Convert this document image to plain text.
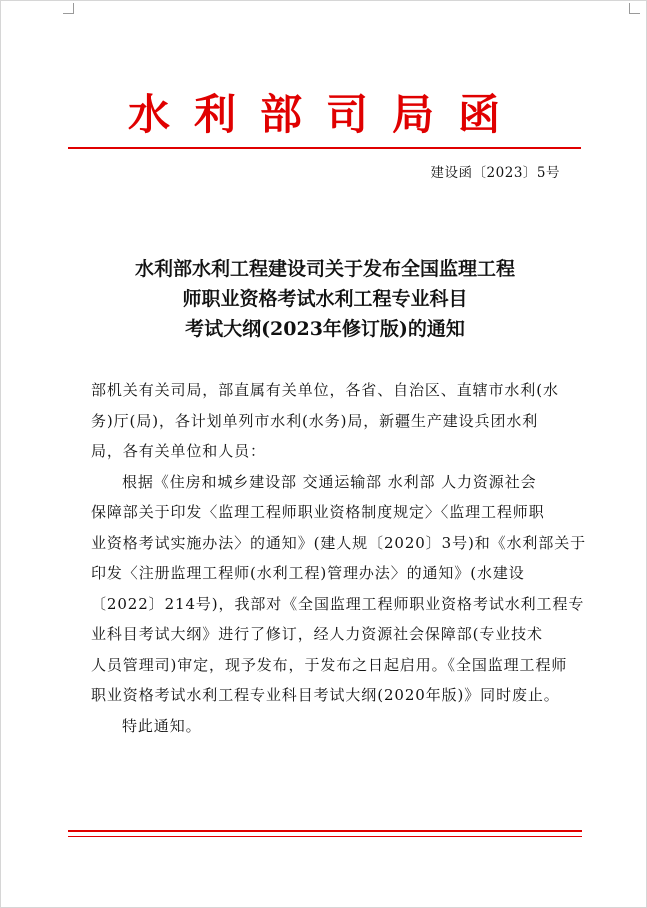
水利部司局函
建设函〔2023〕5号
水利部水利工程建设司关于发布全国监理工程
师职业资格考试水利工程专业科目
考试大纲(2023年修订版)的通知
部机关有关司局，部直属有关单位，各省、自治区、直辖市水利(水
务)厅(局)，各计划单列市水利(水务)局，新疆生产建设兵团水利
局，各有关单位和人员：
根据《住房和城乡建设部 交通运输部 水利部 人力资源社会
保障部关于印发〈监理工程师职业资格制度规定〉〈监理工程师职
业资格考试实施办法〉的通知》(建人规〔2020〕3号)和《水利部关于
印发〈注册监理工程师(水利工程)管理办法〉的通知》(水建设
〔2022〕214号)，我部对《全国监理工程师职业资格考试水利工程专
业科目考试大纲》进行了修订，经人力资源社会保障部(专业技术
人员管理司)审定，现予发布，于发布之日起启用。《全国监理工程师
职业资格考试水利工程专业科目考试大纲(2020年版)》同时废止。
特此通知。
